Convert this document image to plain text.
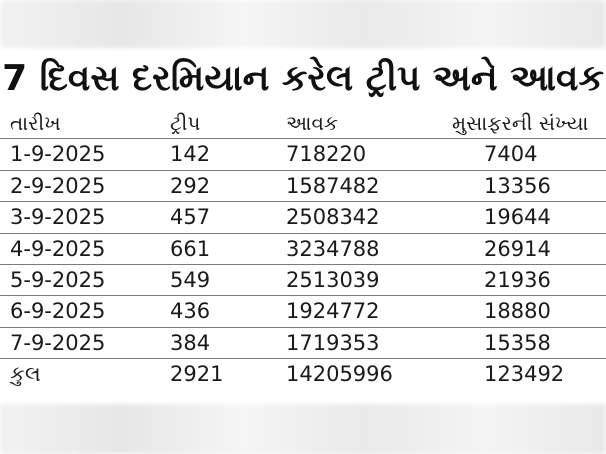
7 દિવસ દરમિયાન કરેલ ટ્રીપ અને આવક
તારીખ	ટ્રીપ	આવક	મુસાફરની સંખ્યા
1-9-2025	142	718220	7404
2-9-2025	292	1587482	13356
3-9-2025	457	2508342	19644
4-9-2025	661	3234788	26914
5-9-2025	549	2513039	21936
6-9-2025	436	1924772	18880
7-9-2025	384	1719353	15358
કુલ	2921	14205996	123492
